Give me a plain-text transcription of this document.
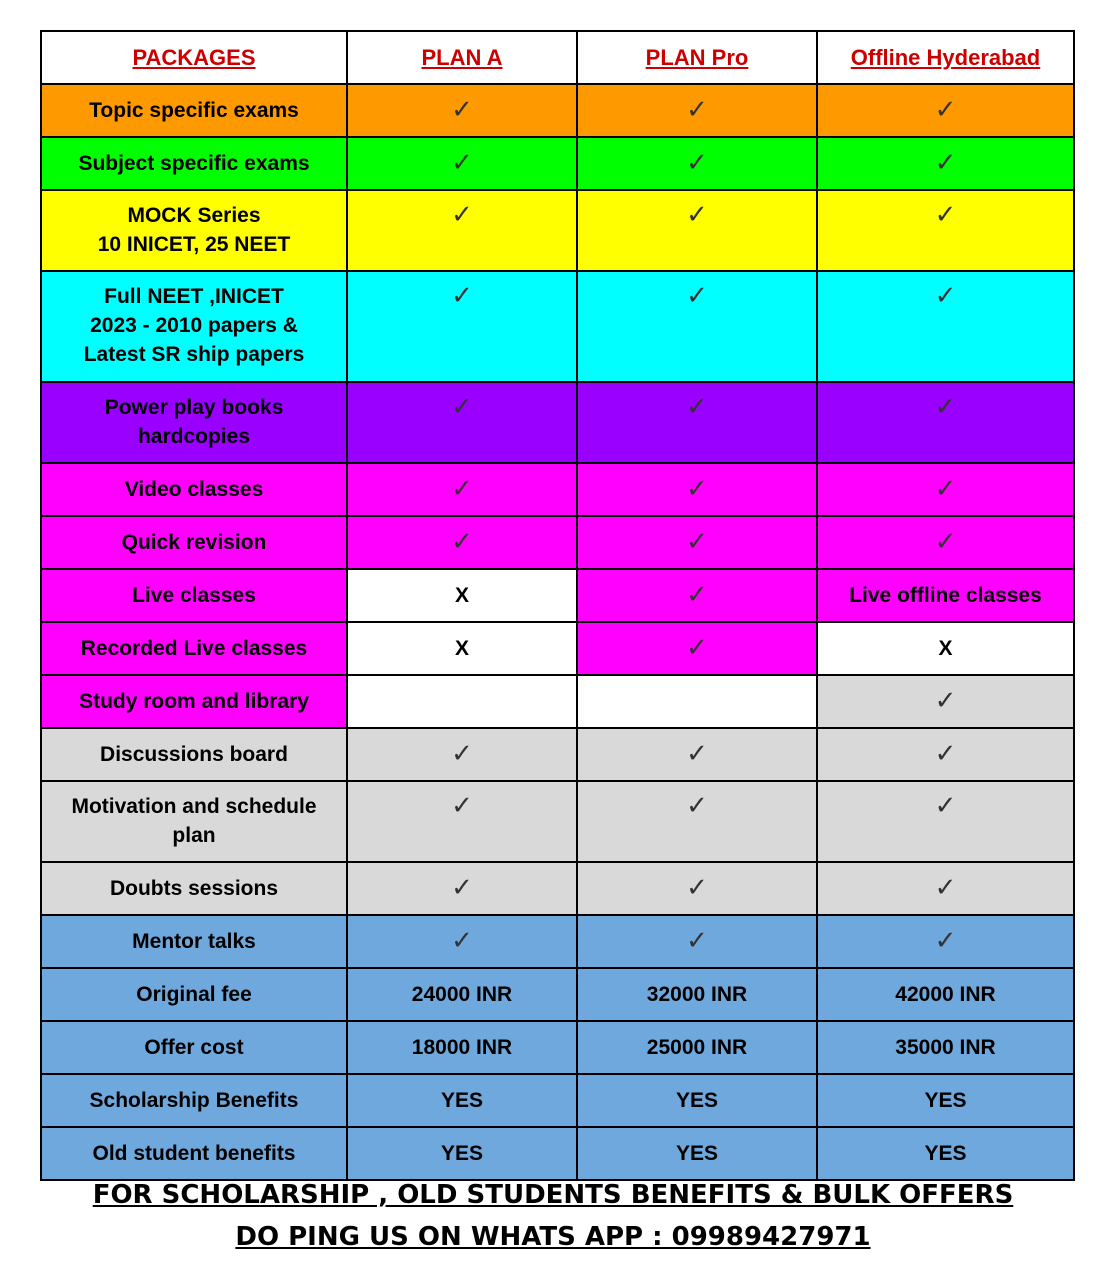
PACKAGES	PLAN A	PLAN Pro	Offline Hyderabad
Topic specific exams	✓	✓	✓
Subject specific exams	✓	✓	✓
MOCK Series
10 INICET, 25 NEET	✓	✓	✓
Full NEET ,INICET
2023 - 2010 papers &
Latest SR ship papers	✓	✓	✓
Power play books
hardcopies	✓	✓	✓
Video classes	✓	✓	✓
Quick revision	✓	✓	✓
Live classes	X	✓	Live offline classes
Recorded Live classes	X	✓	X
Study room and library			✓
Discussions board	✓	✓	✓
Motivation and schedule
plan	✓	✓	✓
Doubts sessions	✓	✓	✓
Mentor talks	✓	✓	✓
Original fee	24000 INR	32000 INR	42000 INR
Offer cost	18000 INR	25000 INR	35000 INR
Scholarship Benefits	YES	YES	YES
Old student benefits	YES	YES	YES
FOR SCHOLARSHIP , OLD STUDENTS BENEFITS & BULK OFFERS
DO PING US ON WHATS APP : 09989427971
